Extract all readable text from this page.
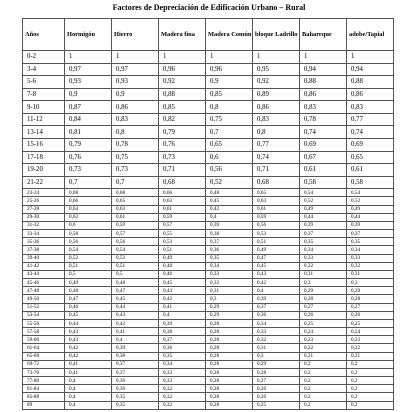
Factores de Depreciación de Edificación Urbano – Rural
Años	Hormigón	Hierro	Madera fina	Madera Común	bloque Ladrillo	Bahareque	adobe/Tapial
0-2	1	1	1	1	1	1	1
3-4	0,97	0,97	0,96	0,96	0,95	0,94	0,94
5-6	0,93	0,93	0,92	0,9	0,92	0,88	0,88
7-8	0,9	0,9	0,88	0,85	0,89	0,86	0,86
9-10	0,87	0,86	0,85	0,8	0,86	0,83	0,83
11-12	0,84	0,83	0,82	0,75	0,83	0,78	0,77
13-14	0,81	0,8	0,79	0,7	0,8	0,74	0,74
15-16	0,79	0,78	0,76	0,65	0,77	0,69	0,69
17-18	0,76	0,75	0,73	0,6	0,74	0,67	0,65
19-20	0,73	0,73	0,71	0,56	0,71	0,61	0,61
21-22	0,7	0,7	0,68	0,52	0,68	0,58	0,58
23-24	0,68	0,68	0,66	0,48	0,65	0,54	0,54
25-26	0,66	0,65	0,63	0,45	0,63	0,52	0,52
27-28	0,64	0,63	0,61	0,42	0,61	0,49	0,49
29-30	0,62	0,61	0,59	0,4	0,59	0,44	0,44
31-32	0,6	0,59	0,57	0,39	0,56	0,39	0,39
33-34	0,58	0,57	0,55	0,38	0,53	0,37	0,37
35-36	0,56	0,56	0,53	0,37	0,51	0,35	0,35
37-38	0,54	0,54	0,51	0,36	0,49	0,34	0,34
39-40	0,52	0,53	0,49	0,35	0,47	0,33	0,33
41-42	0,51	0,51	0,48	0,34	0,45	0,32	0,32
43-44	0,5	0,5	0,46	0,33	0,43	0,31	0,31
45-46	0,49	0,48	0,45	0,32	0,42	0,3	0,3
47-48	0,48	0,47	0,43	0,31	0,4	0,29	0,29
49-50	0,47	0,45	0,42	0,3	0,39	0,28	0,28
51-52	0,46	0,44	0,41	0,29	0,37	0,27	0,27
53-54	0,45	0,43	0,4	0,29	0,36	0,26	0,26
55-56	0,44	0,42	0,39	0,28	0,34	0,25	0,25
57-58	0,43	0,41	0,38	0,28	0,33	0,24	0,24
59-60	0,43	0,4	0,37	0,28	0,32	0,23	0,23
61-64	0,42	0,39	0,36	0,28	0,31	0,22	0,22
65-68	0,42	0,38	0,35	0,28	0,3	0,21	0,21
69-72	0,41	0,37	0,34	0,28	0,29	0,2	0,2
73-76	0,41	0,37	0,33	0,28	0,28	0,2	0,2
77-80	0,4	0,36	0,33	0,28	0,27	0,2	0,2
81-84	0,4	0,36	0,32	0,28	0,26	0,2	0,2
85-88	0,4	0,35	0,32	0,28	0,26	0,2	0,2
89	0,4	0,35	0,32	0,28	0,25	0,2	0,2
